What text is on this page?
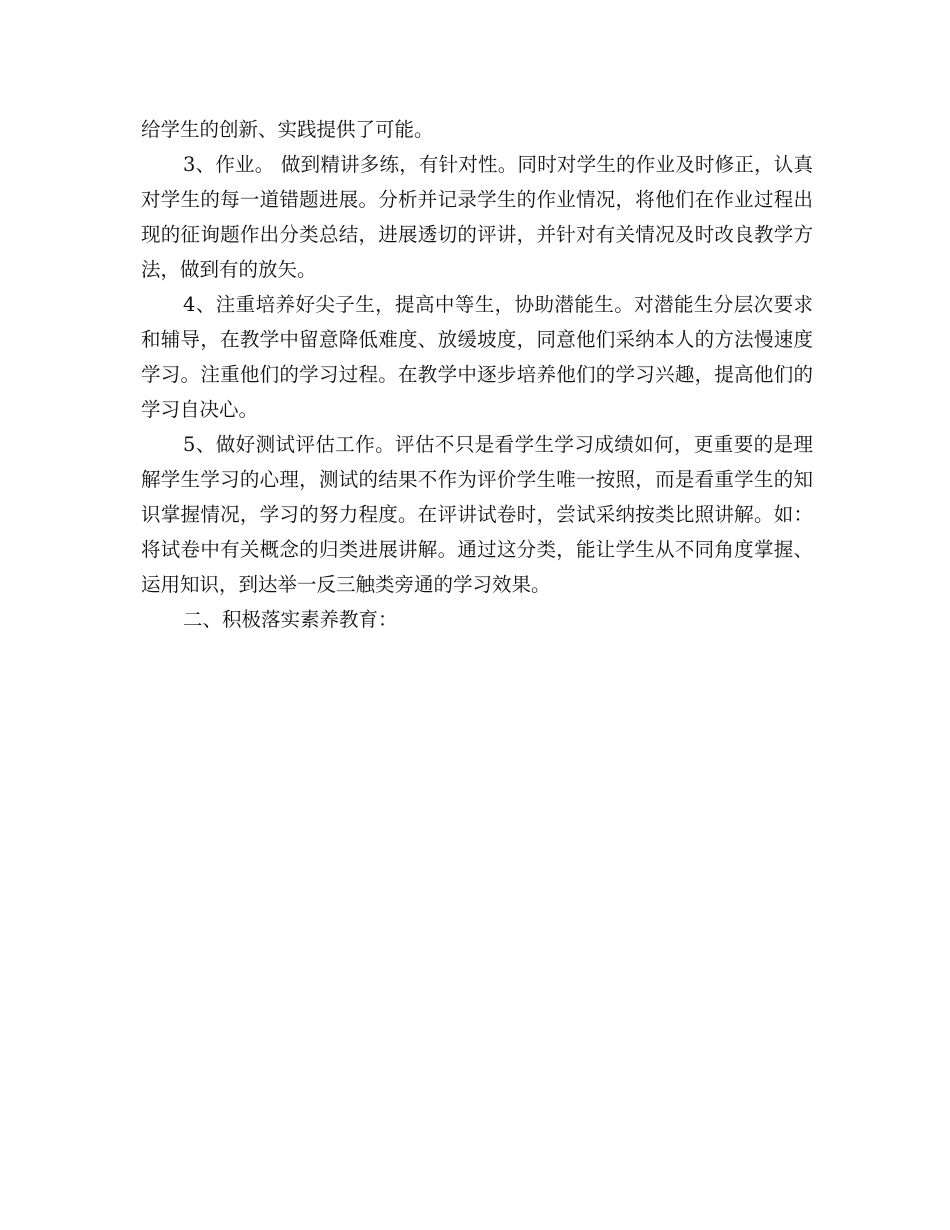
给学生的创新、实践提供了可能。

3、作业。 做到精讲多练，有针对性。同时对学生的作业及时修正，认真对学生的每一道错题进展。分析并记录学生的作业情况，将他们在作业过程出现的征询题作出分类总结，进展透切的评讲，并针对有关情况及时改良教学方法，做到有的放矢。

4、注重培养好尖子生，提高中等生，协助潜能生。对潜能生分层次要求和辅导，在教学中留意降低难度、放缓坡度，同意他们采纳本人的方法慢速度学习。注重他们的学习过程。在教学中逐步培养他们的学习兴趣，提高他们的学习自决心。

5、做好测试评估工作。评估不只是看学生学习成绩如何，更重要的是理解学生学习的心理，测试的结果不作为评价学生唯一按照，而是看重学生的知识掌握情况，学习的努力程度。在评讲试卷时，尝试采纳按类比照讲解。如：将试卷中有关概念的归类进展讲解。通过这分类，能让学生从不同角度掌握、运用知识，到达举一反三触类旁通的学习效果。

二、积极落实素养教育：
